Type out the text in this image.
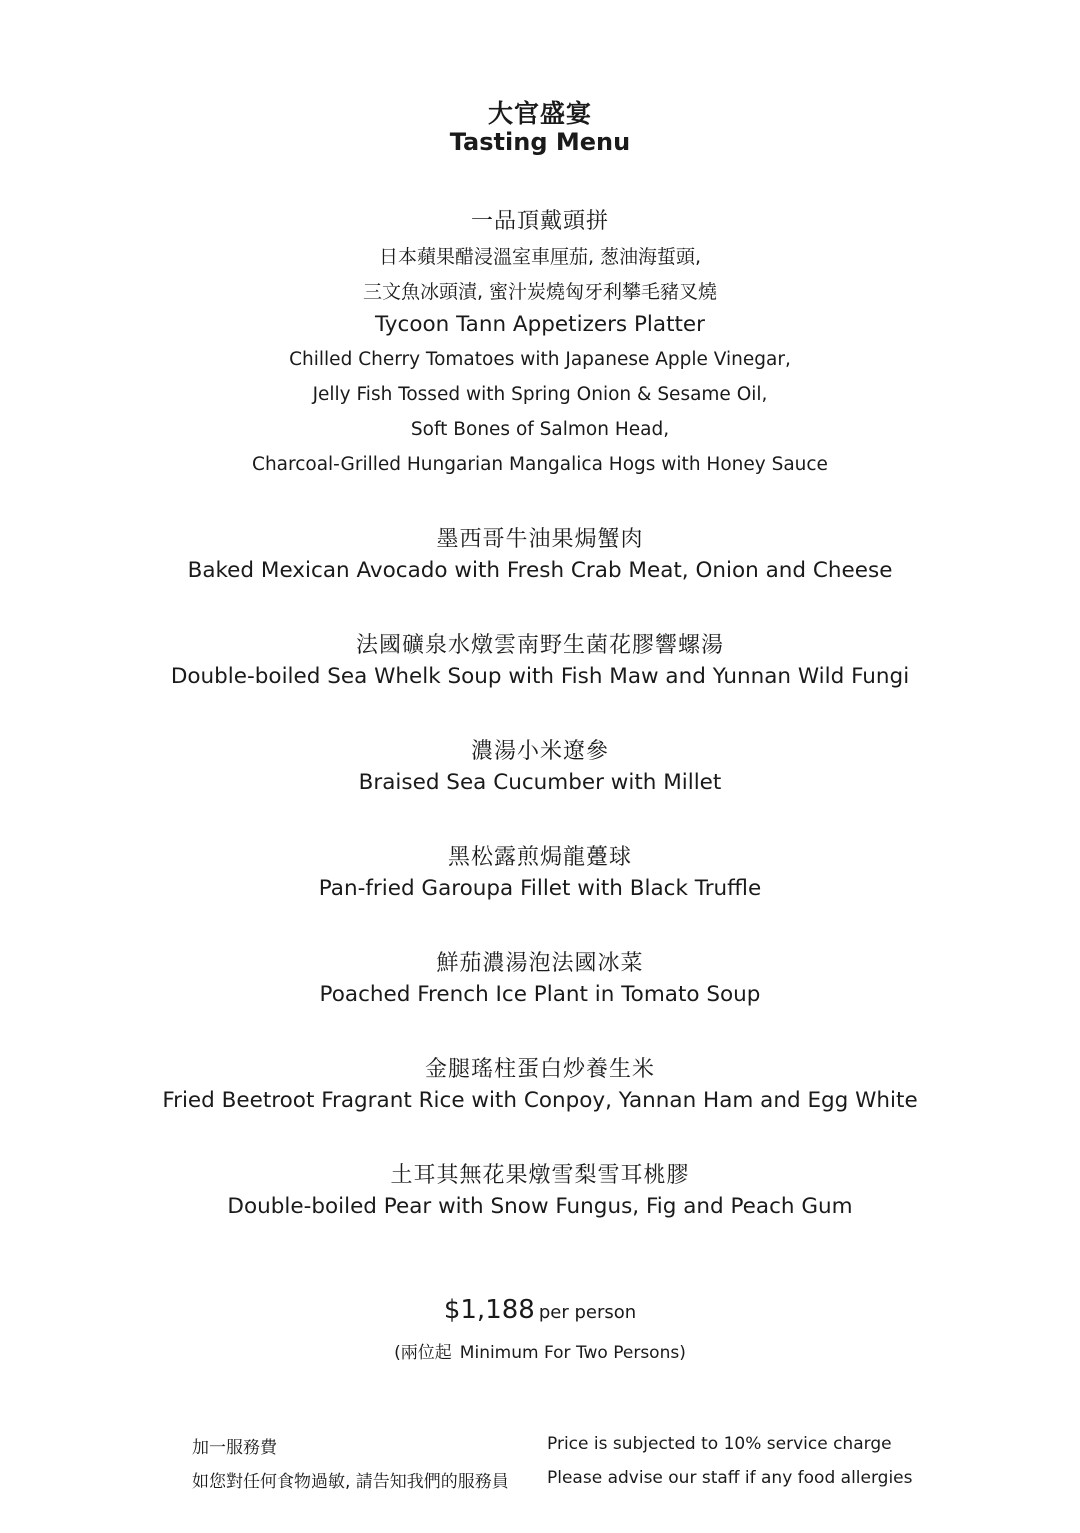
大官盛宴
Tasting Menu
一品頂戴頭拼
日本蘋果醋浸溫室車厘茄, 葱油海蜇頭,
三文魚冰頭漬, 蜜汁炭燒匈牙利攀毛豬叉燒
Tycoon Tann Appetizers Platter
Chilled Cherry Tomatoes with Japanese Apple Vinegar,
Jelly Fish Tossed with Spring Onion & Sesame Oil,
Soft Bones of Salmon Head,
Charcoal-Grilled Hungarian Mangalica Hogs with Honey Sauce
墨西哥牛油果焗蟹肉
Baked Mexican Avocado with Fresh Crab Meat, Onion and Cheese
法國礦泉水燉雲南野生菌花膠響螺湯
Double-boiled Sea Whelk Soup with Fish Maw and Yunnan Wild Fungi
濃湯小米遼參
Braised Sea Cucumber with Millet
黑松露煎焗龍躉球
Pan-fried Garoupa Fillet with Black Truffle
鮮茄濃湯泡法國冰菜
Poached French Ice Plant in Tomato Soup
金腿瑤柱蛋白炒養生米
Fried Beetroot Fragrant Rice with Conpoy, Yannan Ham and Egg White
土耳其無花果燉雪梨雪耳桃膠
Double-boiled Pear with Snow Fungus, Fig and Peach Gum
$1,188 per person
(兩位起 Minimum For Two Persons)
加一服務費	Price is subjected to 10% service charge
如您對任何食物過敏, 請告知我們的服務員 Please advise our staff if any food allergies
